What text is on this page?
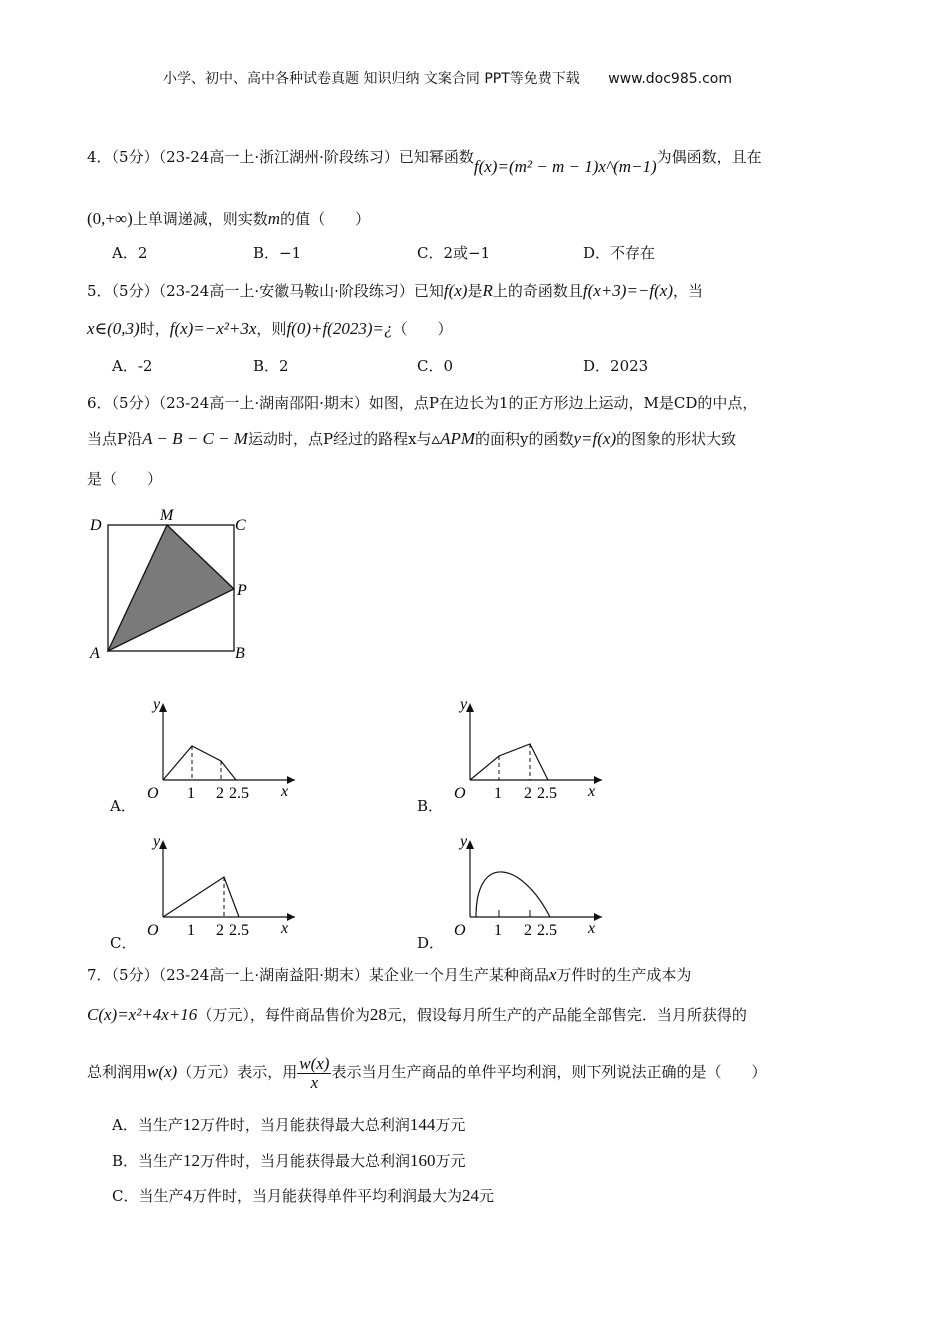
小学、初中、高中各种试卷真题 知识归纳 文案合同 PPT等免费下载 www.doc985.com
4．（5分）（23-24高一上·浙江湖州·阶段练习）已知幂函数f(x)=(m² − m − 1)x^(m−1)为偶函数，且在
(0,+∞)上单调递减，则实数m的值（　　）
A．2	B．−1	C．2或−1	D．不存在
5．（5分）（23-24高一上·安徽马鞍山·阶段练习）已知f(x)是R上的奇函数且f(x+3)=−f(x)，当
x∈(0,3)时，f(x)=−x²+3x，则f(0)+f(2023)=¿（　　）
A．-2	B．2	C．0	D．2023
6．（5分）（23-24高一上·湖南邵阳·期末）如图，点P在边长为1的正方形边上运动，M是CD的中点，
当点P沿A − B − C − M运动时，点P经过的路程x与▵APM的面积y的函数y=f(x)的图象的形状大致
是（　　）
D
M
C
P
A	B
y
O 1 2 2.5 x
A．
y
O 1 2 2.5 x
B．
y
O 1 2 2.5 x
C．
y
O 1 2 2.5 x
D．
7．（5分）（23-24高一上·湖南益阳·期末）某企业一个月生产某种商品x万件时的生产成本为
C(x)=x²+4x+16（万元），每件商品售价为28元，假设每月所生产的产品能全部售完．当月所获得的
总利润用w(x)（万元）表示，用 $\frac{w(x)}{x}$ 表示当月生产商品的单件平均利润，则下列说法正确的是（　　）
A．当生产12万件时，当月能获得最大总利润144万元
B．当生产12万件时，当月能获得最大总利润160万元
C．当生产4万件时，当月能获得单件平均利润最大为24元
